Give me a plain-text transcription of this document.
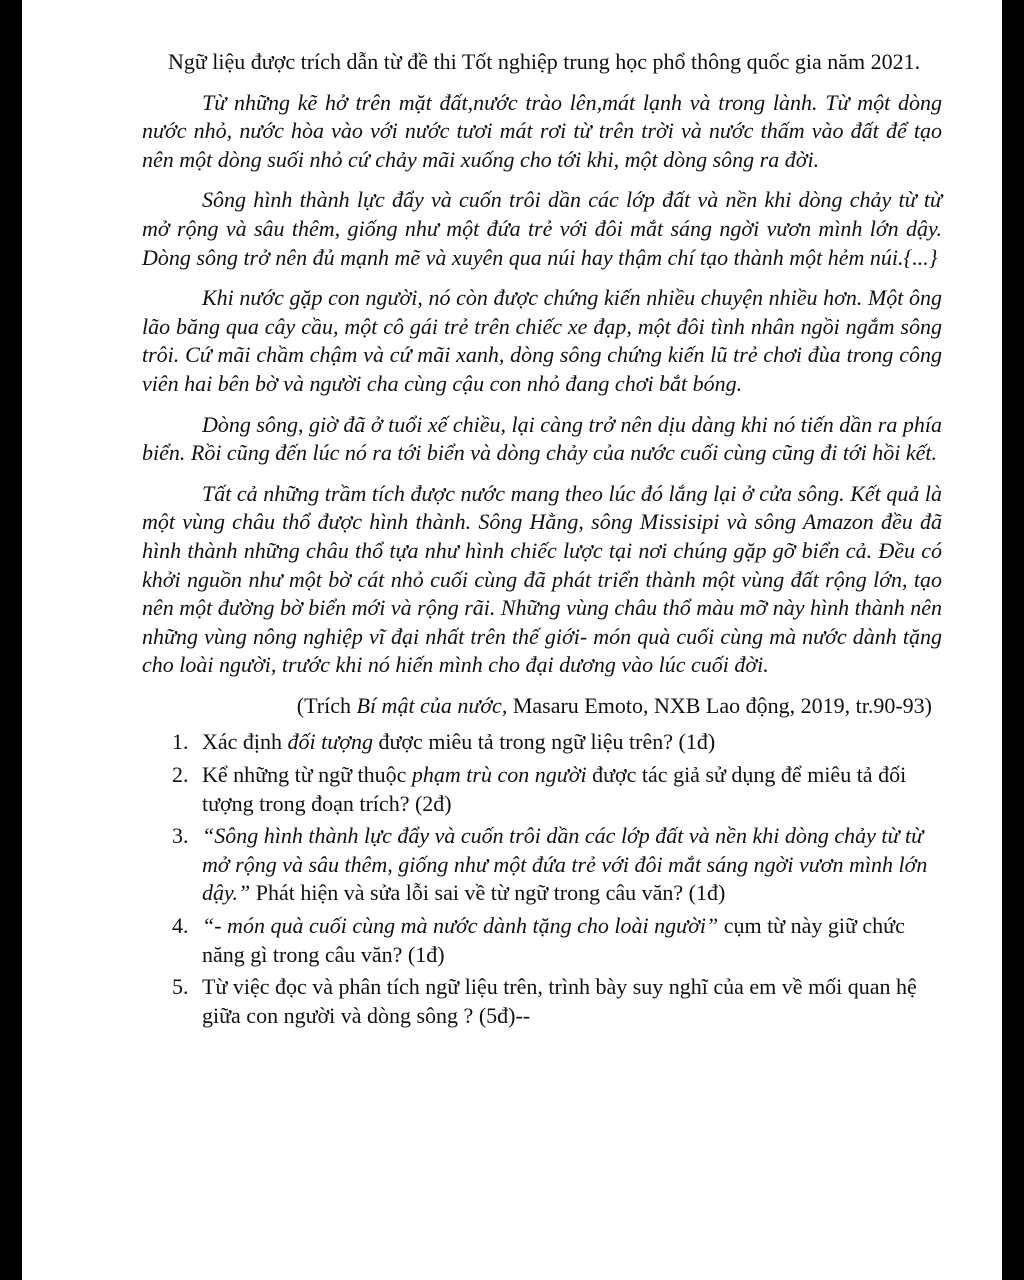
Ngữ liệu được trích dẫn từ đề thi Tốt nghiệp trung học phổ thông quốc gia năm 2021.

Từ những kẽ hở trên mặt đất,nước trào lên,mát lạnh và trong lành. Từ một dòng nước nhỏ, nước hòa vào với nước tươi mát rơi từ trên trời và nước thấm vào đất để tạo nên một dòng suối nhỏ cứ chảy mãi xuống cho tới khi, một dòng sông ra đời.

Sông hình thành lực đẩy và cuốn trôi dần các lớp đất và nền khi dòng chảy từ từ mở rộng và sâu thêm, giống như một đứa trẻ với đôi mắt sáng ngời vươn mình lớn dậy. Dòng sông trở nên đủ mạnh mẽ và xuyên qua núi hay thậm chí tạo thành một hẻm núi.{...}

Khi nước gặp con người, nó còn được chứng kiến nhiều chuyện nhiều hơn. Một ông lão băng qua cây cầu, một cô gái trẻ trên chiếc xe đạp, một đôi tình nhân ngồi ngắm sông trôi. Cứ mãi chầm chậm và cứ mãi xanh, dòng sông chứng kiến lũ trẻ chơi đùa trong công viên hai bên bờ và người cha cùng cậu con nhỏ đang chơi bắt bóng.

Dòng sông, giờ đã ở tuổi xế chiều, lại càng trở nên dịu dàng khi nó tiến dần ra phía biển. Rồi cũng đến lúc nó ra tới biển và dòng chảy của nước cuối cùng cũng đi tới hồi kết.

Tất cả những trầm tích được nước mang theo lúc đó lắng lại ở cửa sông. Kết quả là một vùng châu thổ được hình thành. Sông Hằng, sông Missisipi và sông Amazon đều đã hình thành những châu thổ tựa như hình chiếc lược tại nơi chúng gặp gỡ biển cả. Đều có khởi nguồn như một bờ cát nhỏ cuối cùng đã phát triển thành một vùng đất rộng lớn, tạo nên một đường bờ biển mới và rộng rãi. Những vùng châu thổ màu mỡ này hình thành nên những vùng nông nghiệp vĩ đại nhất trên thế giới- món quà cuối cùng mà nước dành tặng cho loài người, trước khi nó hiến mình cho đại dương vào lúc cuối đời.

(Trích Bí mật của nước, Masaru Emoto, NXB Lao động, 2019, tr.90-93)

1. Xác định đối tượng được miêu tả trong ngữ liệu trên? (1đ)
2. Kể những từ ngữ thuộc phạm trù con người được tác giả sử dụng để miêu tả đối tượng trong đoạn trích? (2đ)
3. “Sông hình thành lực đẩy và cuốn trôi dần các lớp đất và nền khi dòng chảy từ từ mở rộng và sâu thêm, giống như một đứa trẻ với đôi mắt sáng ngời vươn mình lớn dậy.” Phát hiện và sửa lỗi sai về từ ngữ trong câu văn? (1đ)
4. “- món quà cuối cùng mà nước dành tặng cho loài người” cụm từ này giữ chức năng gì trong câu văn? (1đ)
5. Từ việc đọc và phân tích ngữ liệu trên, trình bày suy nghĩ của em về mối quan hệ giữa con người và dòng sông ? (5đ)--
